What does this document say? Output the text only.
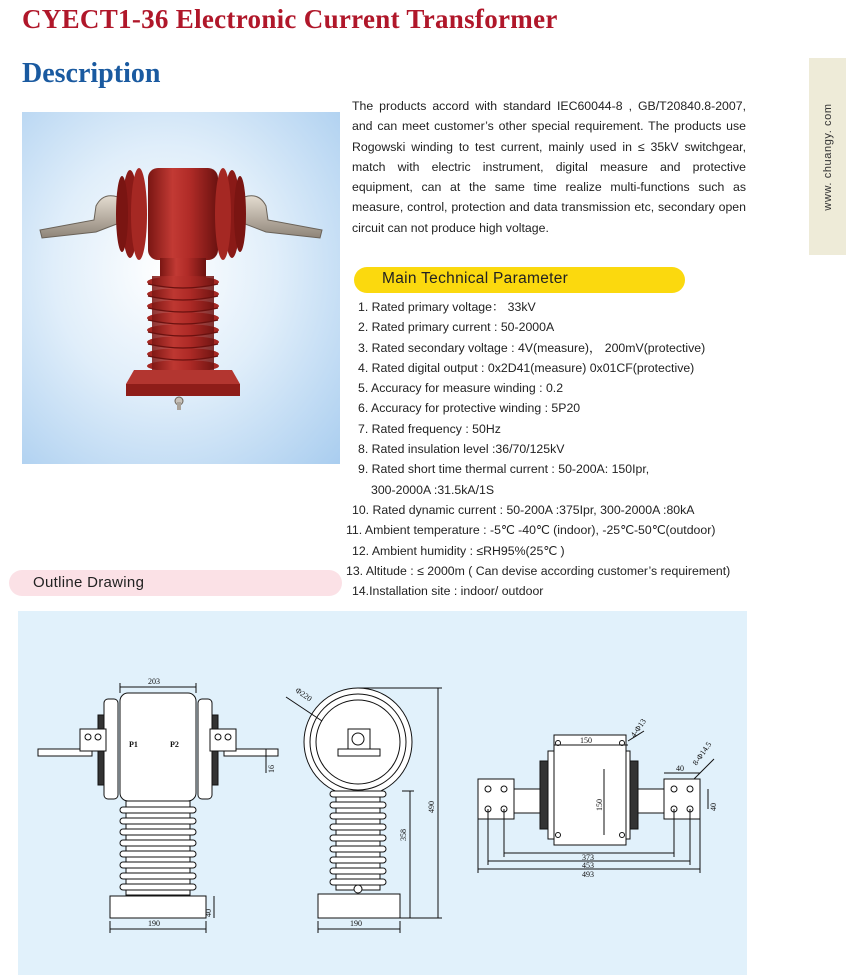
CYECT1-36 Electronic Current Transformer
Description
www. chuangy. com
The products accord with standard IEC60044-8 , GB/T20840.8-2007, and can meet customer’s other special requirement. The products use Rogowski winding to test current, mainly used in ≤ 35kV switchgear, match with electric instrument, digital measure and protective equipment, can at the same time realize multi-functions such as measure, control, protection and data transmission etc, secondary open circuit can not produce high voltage.
Main Technical Parameter
1. Rated primary voltage： 33kV
2. Rated primary current : 50-2000A
3. Rated secondary voltage : 4V(measure)， 200mV(protective)
4. Rated digital output : 0x2D41(measure) 0x01CF(protective)
5. Accuracy for measure winding : 0.2
6. Accuracy for protective winding : 5P20
7. Rated frequency : 50Hz
8. Rated insulation level :36/70/125kV
9. Rated short time thermal current : 50-200A: 150Ipr,
300-2000A :31.5kA/1S
10. Rated dynamic current : 50-200A :375Ipr, 300-2000A :80kA
11. Ambient temperature : -5℃ -40℃ (indoor), -25℃-50℃(outdoor)
12. Ambient humidity : ≤RH95%(25℃ )
13. Altitude : ≤ 2000m ( Can devise according customer’s requirement)
14.Installation site : indoor/ outdoor
Outline Drawing
203
190
P1	P2
16
40
Φ220
490
358
190
150
4-Φ13
150
40
8-Φ14.5
40
373
453
493
